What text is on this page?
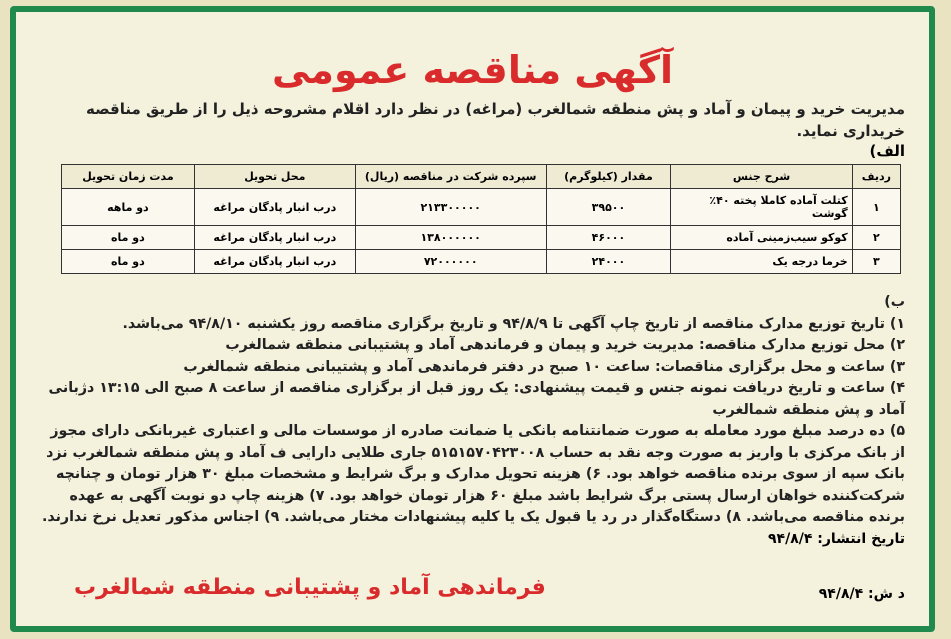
آگهی مناقصه عمومی
مدیریت خرید و پیمان و آماد و پش منطقه شمالغرب (مراغه) در نظر دارد اقلام مشروحه ذیل را از طریق مناقصه خریداری نماید.
الف)
ردیف	شرح جنس	مقدار (کیلوگرم)	سپرده شرکت در مناقصه (ریال)	محل تحویل	مدت زمان تحویل
۱	کتلت آماده کاملا پخته ۴۰٪ گوشت	۳۹۵۰۰	۲۱۳۳۰۰۰۰۰	درب انبار پادگان مراغه	دو ماهه
۲	کوکو سیب‌زمینی آماده	۴۶۰۰۰	۱۳۸۰۰۰۰۰۰	درب انبار پادگان مراغه	دو ماه
۳	خرما درجه یک	۲۴۰۰۰	۷۲۰۰۰۰۰۰	درب انبار پادگان مراغه	دو ماه

ب)

۱) تاریخ توزیع مدارک مناقصه از تاریخ چاپ آگهی تا ۹۴/۸/۹ و تاریخ برگزاری مناقصه روز یکشنبه ۹۴/۸/۱۰ می‌باشد.

۲) محل توزیع مدارک مناقصه: مدیریت خرید و پیمان و فرماندهی آماد و پشتیبانی منطقه شمالغرب

۳) ساعت و محل برگزاری مناقصات: ساعت ۱۰ صبح در دفتر فرماندهی آماد و پشتیبانی منطقه شمالغرب

۴) ساعت و تاریخ دریافت نمونه جنس و قیمت پیشنهادی: یک روز قبل از برگزاری مناقصه از ساعت ۸ صبح الی ۱۳:۱۵ دژبانی آماد و پش منطقه شمالغرب

۵) ده درصد مبلغ مورد معامله به صورت ضمانتنامه بانکی یا ضمانت صادره از موسسات مالی و اعتباری غیربانکی دارای مجوز از بانک مرکزی با واریز به صورت وجه نقد به حساب ۵۱۵۱۵۷۰۴۲۳۰۰۸ جاری طلایی دارایی ف آماد و پش منطقه شمالغرب نزد بانک سپه از سوی برنده مناقصه خواهد بود. ۶) هزینه تحویل مدارک و برگ شرایط و مشخصات مبلغ ۳۰ هزار تومان و چنانچه شرکت‌کننده خواهان ارسال پستی برگ شرایط باشد مبلغ ۶۰ هزار تومان خواهد بود. ۷) هزینه چاپ دو نوبت آگهی به عهده برنده مناقصه می‌باشد. ۸) دستگاه‌گذار در رد یا قبول یک یا کلیه پیشنهادات مختار می‌باشد. ۹) اجناس مذکور تعدیل نرخ ندارند.

تاریخ انتشار: ۹۴/۸/۴
د ش: ۹۴/۸/۴
فرماندهی آماد و پشتیبانی منطقه شمالغرب
